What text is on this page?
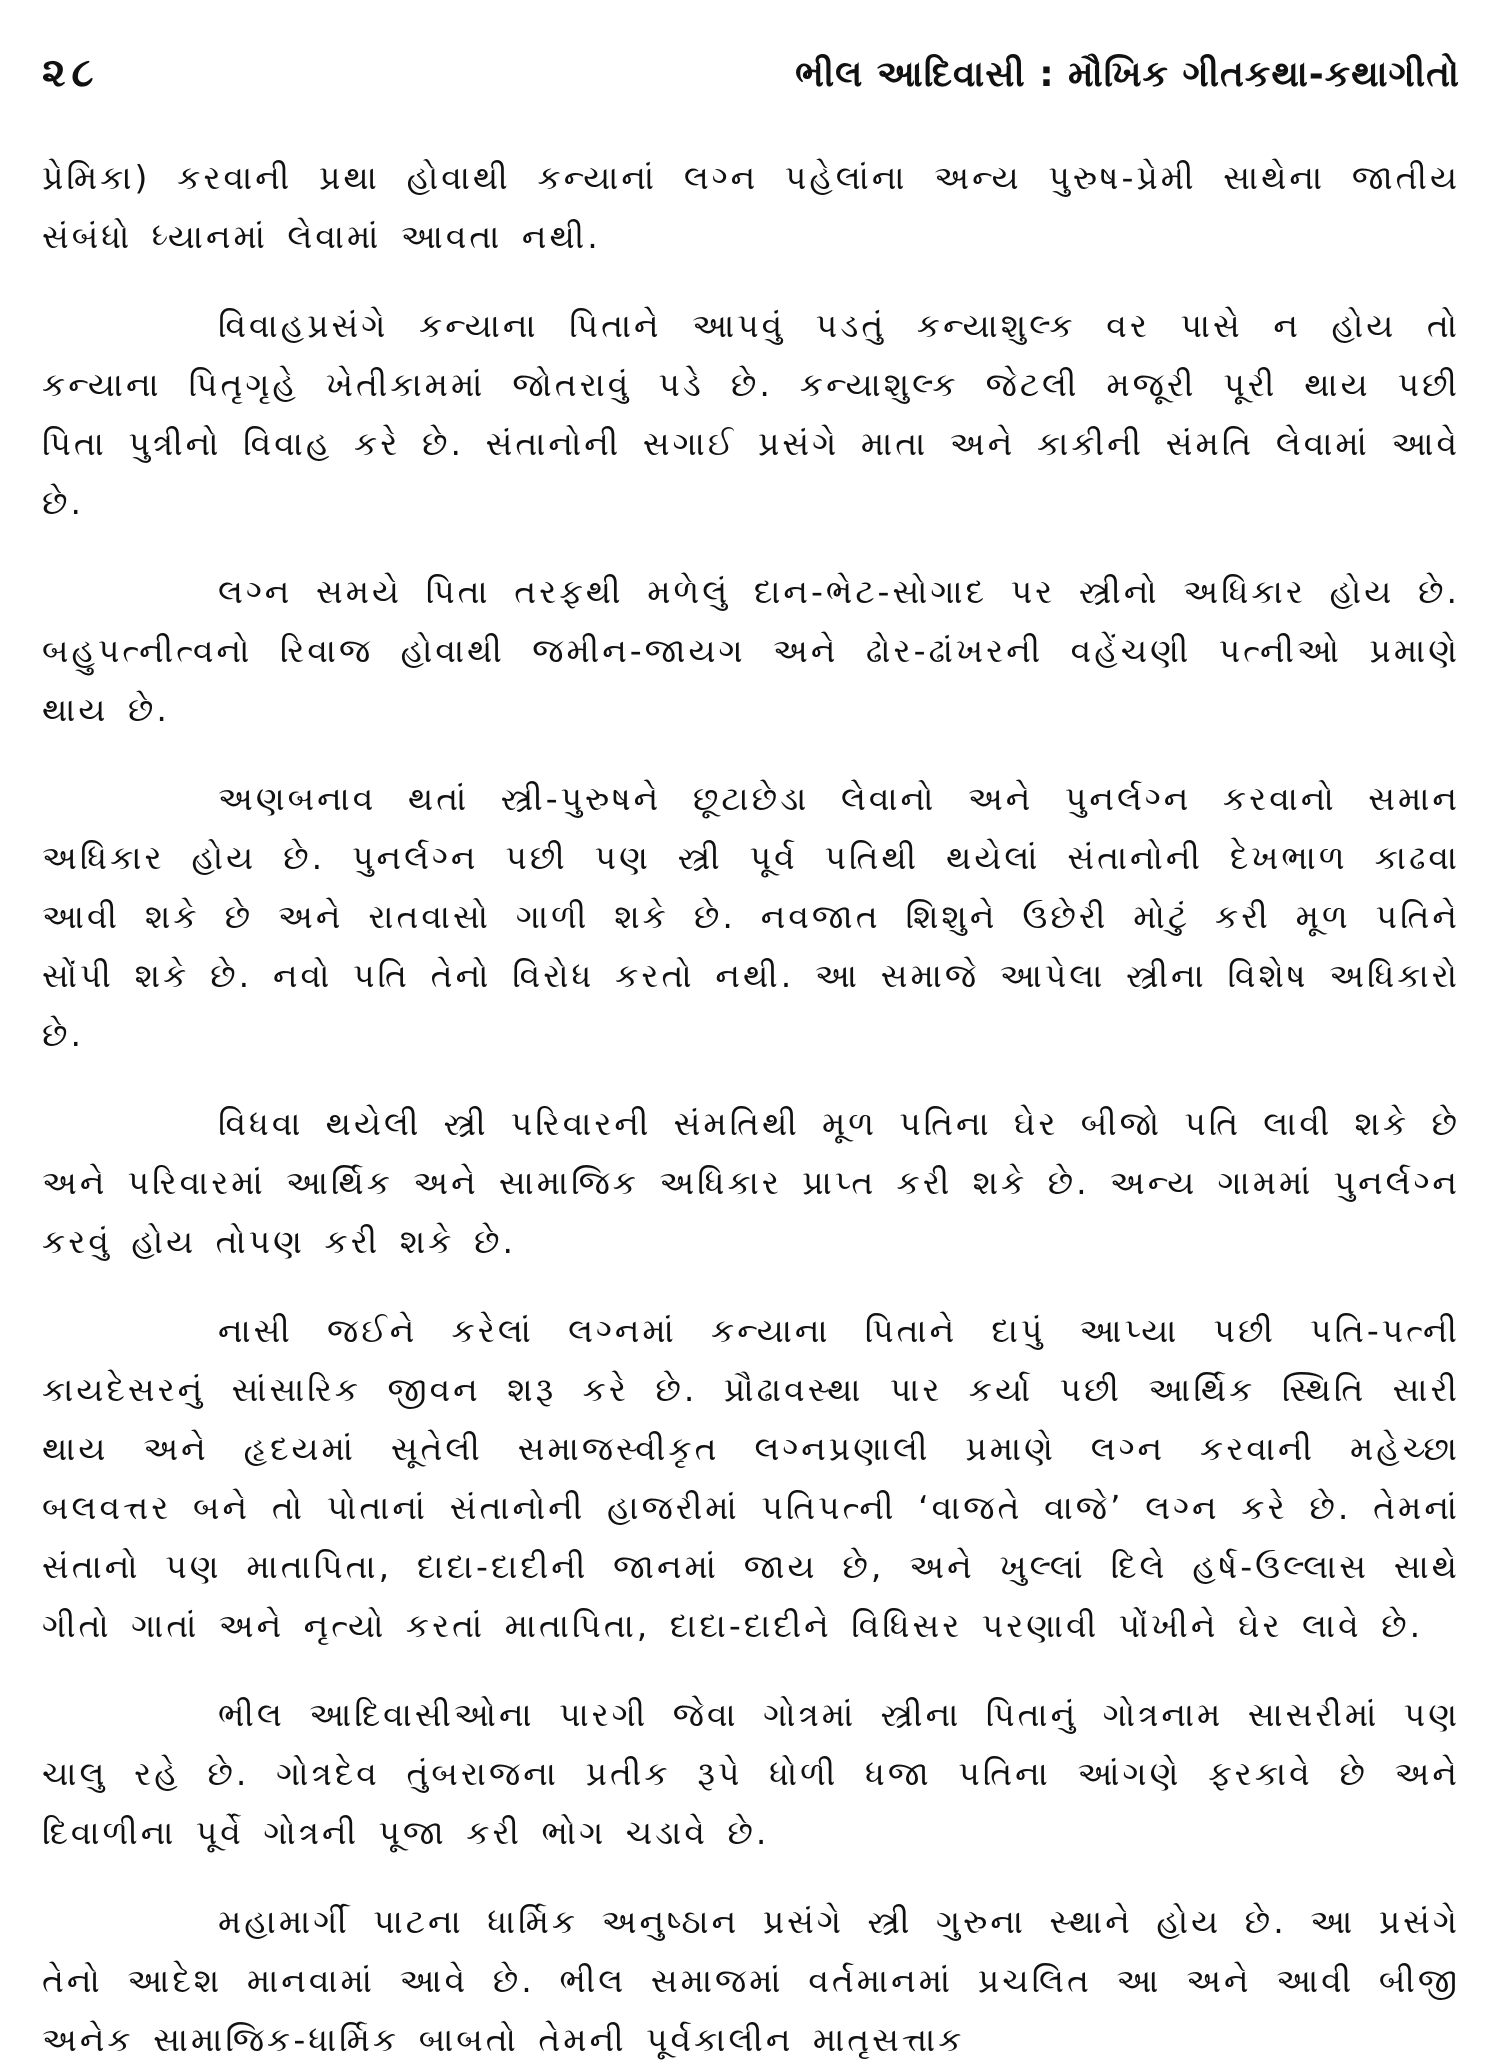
૨૮	ભીલ આદિવાસી : મૌખિક ગીતકથા-કથાગીતો

પ્રેમિકા) કરવાની પ્રથા હોવાથી કન્યાનાં લગ્ન પહેલાંના અન્ય પુરુષ-પ્રેમી સાથેના જાતીય સંબંધો ધ્યાનમાં લેવામાં આવતા નથી.

વિવાહપ્રસંગે કન્યાના પિતાને આપવું પડતું કન્યાશુલ્ક વર પાસે ન હોય તો કન્યાના પિતૃગૃહે ખેતીકામમાં જોતરાવું પડે છે. કન્યાશુલ્ક જેટલી મજૂરી પૂરી થાય પછી પિતા પુત્રીનો વિવાહ કરે છે. સંતાનોની સગાઈ પ્રસંગે માતા અને કાકીની સંમતિ લેવામાં આવે છે.

લગ્ન સમયે પિતા તરફથી મળેલું દાન-ભેટ-સોગાદ પર સ્ત્રીનો અધિકાર હોય છે. બહુપત્નીત્વનો રિવાજ હોવાથી જમીન-જાયગ અને ઢોર-ઢાંખરની વહેંચણી પત્નીઓ પ્રમાણે થાય છે.

અણબનાવ થતાં સ્ત્રી-પુરુષને છૂટાછેડા લેવાનો અને પુનર્લગ્ન કરવાનો સમાન અધિકાર હોય છે. પુનર્લગ્ન પછી પણ સ્ત્રી પૂર્વ પતિથી થયેલાં સંતાનોની દેખભાળ કાઢવા આવી શકે છે અને રાતવાસો ગાળી શકે છે. નવજાત શિશુને ઉછેરી મોટું કરી મૂળ પતિને સોંપી શકે છે. નવો પતિ તેનો વિરોધ કરતો નથી. આ સમાજે આપેલા સ્ત્રીના વિશેષ અધિકારો છે.

વિધવા થયેલી સ્ત્રી પરિવારની સંમતિથી મૂળ પતિના ઘેર બીજો પતિ લાવી શકે છે અને પરિવારમાં આર્થિક અને સામાજિક અધિકાર પ્રાપ્ત કરી શકે છે. અન્ય ગામમાં પુનર્લગ્ન કરવું હોય તોપણ કરી શકે છે.

નાસી જઈને કરેલાં લગ્નમાં કન્યાના પિતાને દાપું આપ્યા પછી પતિ-પત્ની કાયદેસરનું સાંસારિક જીવન શરૂ કરે છે. પ્રૌઢાવસ્થા પાર કર્યા પછી આર્થિક સ્થિતિ સારી થાય અને હૃદયમાં સૂતેલી સમાજસ્વીકૃત લગ્નપ્રણાલી પ્રમાણે લગ્ન કરવાની મહેચ્છા બલવત્તર બને તો પોતાનાં સંતાનોની હાજરીમાં પતિપત્ની ‘વાજતે વાજે’ લગ્ન કરે છે. તેમનાં સંતાનો પણ માતાપિતા, દાદા-દાદીની જાનમાં જાય છે, અને ખુલ્લાં દિલે હર્ષ-ઉલ્લાસ સાથે ગીતો ગાતાં અને નૃત્યો કરતાં માતાપિતા, દાદા-દાદીને વિધિસર પરણાવી પોંખીને ઘેર લાવે છે.

ભીલ આદિવાસીઓના પારગી જેવા ગોત્રમાં સ્ત્રીના પિતાનું ગોત્રનામ સાસરીમાં પણ ચાલુ રહે છે. ગોત્રદેવ તુંબરાજના પ્રતીક રૂપે ધોળી ધજા પતિના આંગણે ફરકાવે છે અને દિવાળીના પૂર્વે ગોત્રની પૂજા કરી ભોગ ચડાવે છે.

મહામાર્ગી પાટના ધાર્મિક અનુષ્ઠાન પ્રસંગે સ્ત્રી ગુરુના સ્થાને હોય છે. આ પ્રસંગે તેનો આદેશ માનવામાં આવે છે. ભીલ સમાજમાં વર્તમાનમાં પ્રચલિત આ અને આવી બીજી અનેક સામાજિક-ધાર્મિક બાબતો તેમની પૂર્વકાલીન માતૃસત્તાક
